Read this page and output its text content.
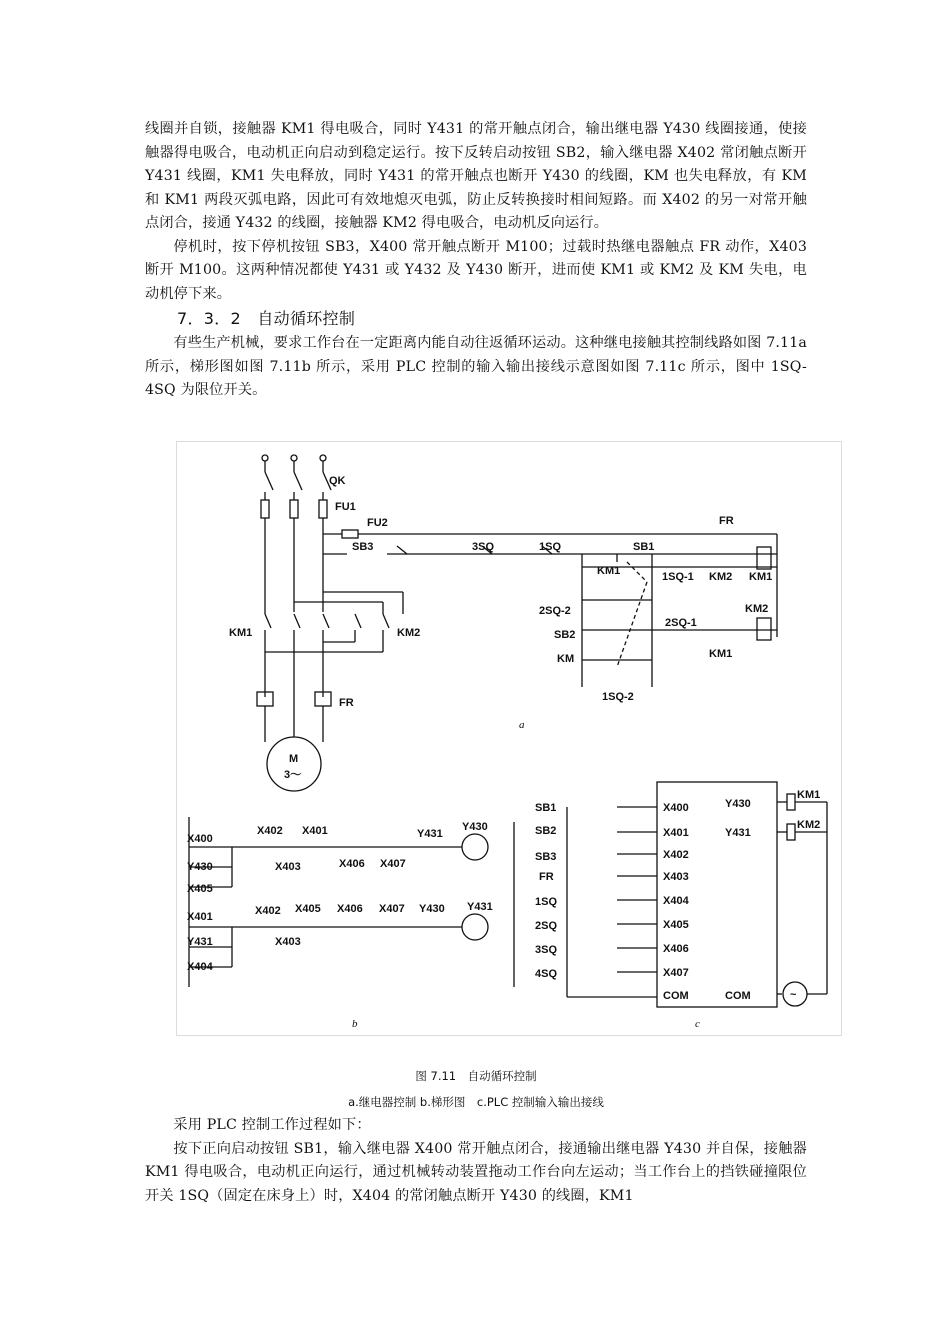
线圈并自锁，接触器 KM1 得电吸合，同时 Y431 的常开触点闭合，输出继电器 Y430 线圈接通，使接触器得电吸合，电动机正向启动到稳定运行。按下反转启动按钮 SB2，输入继电器 X402 常闭触点断开 Y431 线圈，KM1 失电释放，同时 Y431 的常开触点也断开 Y430 的线圈，KM 也失电释放，有 KM 和 KM1 两段灭弧电路，因此可有效地熄灭电弧，防止反转换接时相间短路。而 X402 的另一对常开触点闭合，接通 Y432 的线圈，接触器 KM2 得电吸合，电动机反向运行。

停机时，按下停机按钮 SB3，X400 常开触点断开 M100；过载时热继电器触点 FR 动作，X403 断开 M100。这两种情况都使 Y431 或 Y432 及 Y430 断开，进而使 KM1 或 KM2 及 KM 失电，电动机停下来。

7．3．2　自动循环控制

有些生产机械，要求工作台在一定距离内能自动往返循环运动。这种继电接触其控制线路如图 7.11a 所示，梯形图如图 7.11b 所示，采用 PLC 控制的输入输出接线示意图如图 7.11c 所示，图中 1SQ-4SQ 为限位开关。

QK
FU1
FU2
SB3	3SQ	1SQ	SB1
FR
KM1	1SQ-1 KM2 KM1
2SQ-2
SB2
2SQ-1
KM2
KM1
KM
1SQ-2
KM1	KM2
FR
M
3～
a
X400
Y430
X405
X402 X401
X403	X406 X407
Y431
Y430
X401
Y431
X404
X402 X405 X406 X407 Y430 Y431
X403
b
SB1
SB2
SB3
FR
1SQ
2SQ
3SQ
4SQ
X400
X401
X402
X403
X404
X405
X406
X407
COM
Y430
Y431
COM
KM1
KM2
~
c
图 7.11　自动循环控制
a.继电器控制 b.梯形图　c.PLC 控制输入输出接线

采用 PLC 控制工作过程如下：

按下正向启动按钮 SB1，输入继电器 X400 常开触点闭合，接通输出继电器 Y430 并自保，接触器 KM1 得电吸合，电动机正向运行，通过机械转动装置拖动工作台向左运动；当工作台上的挡铁碰撞限位开关 1SQ（固定在床身上）时，X404 的常闭触点断开 Y430 的线圈，KM1
